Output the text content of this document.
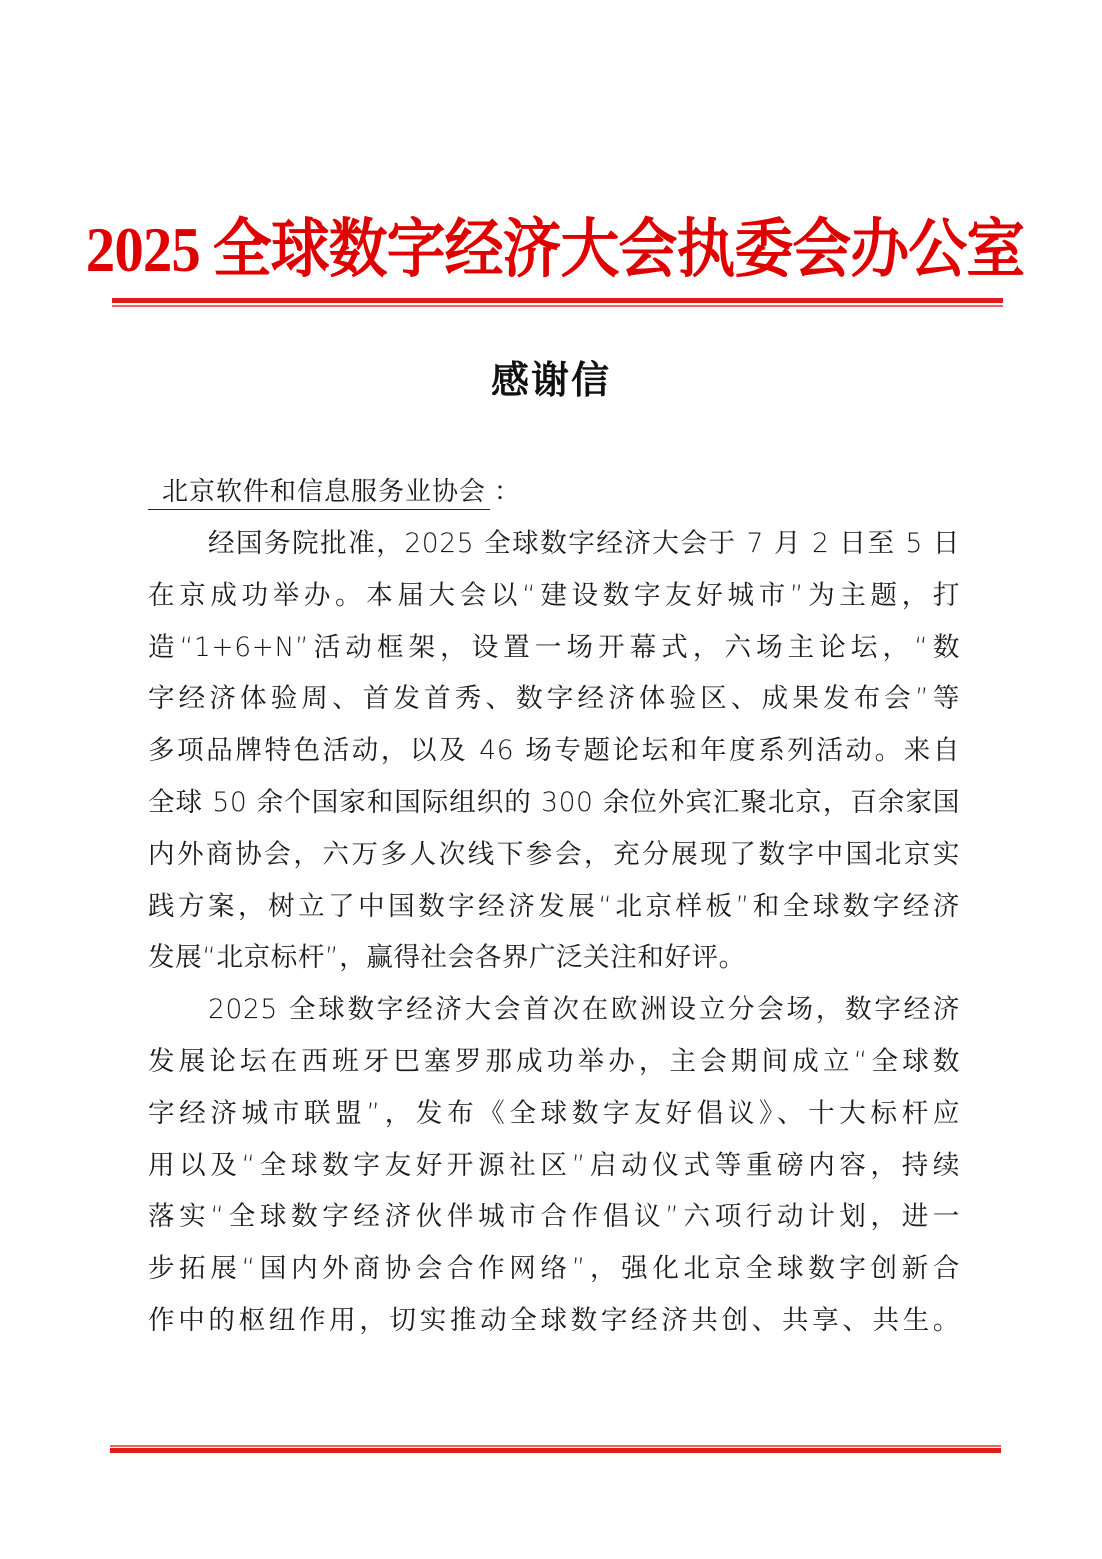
2025 全球数字经济大会执委会办公室
感谢信
北京软件和信息服务业协会 ：
经国务院批准，2025 全球数字经济大会于 7 月 2 日至 5 日
在京成功举办。本届大会以“建设数字友好城市”为主题，打
造“1+6+N”活动框架，设置一场开幕式，六场主论坛，“数
字经济体验周、首发首秀、数字经济体验区、成果发布会”等
多项品牌特色活动，以及 46 场专题论坛和年度系列活动。来自
全球 50 余个国家和国际组织的 300 余位外宾汇聚北京，百余家国
内外商协会，六万多人次线下参会，充分展现了数字中国北京实
践方案，树立了中国数字经济发展“北京样板”和全球数字经济
发展“北京标杆”，赢得社会各界广泛关注和好评。
2025 全球数字经济大会首次在欧洲设立分会场，数字经济
发展论坛在西班牙巴塞罗那成功举办，主会期间成立“全球数
字经济城市联盟”，发布《全球数字友好倡议》、十大标杆应
用以及“全球数字友好开源社区”启动仪式等重磅内容，持续
落实“全球数字经济伙伴城市合作倡议”六项行动计划，进一
步拓展“国内外商协会合作网络”，强化北京全球数字创新合
作中的枢纽作用，切实推动全球数字经济共创、共享、共生。
